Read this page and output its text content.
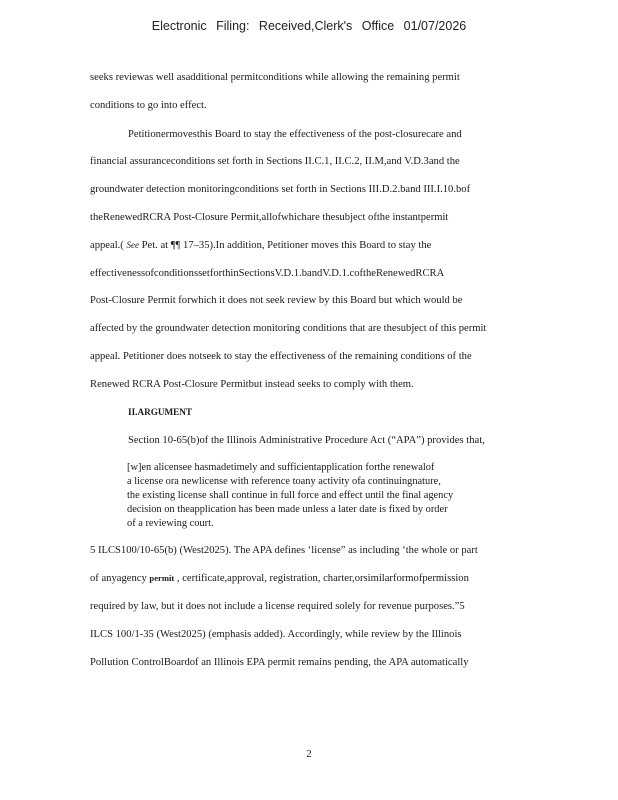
Electronic Filing: Received,Clerk's Office 01/07/2026
seeks reviewas well asadditional permitconditions while allowing the remaining permit
conditions to go into effect.
Petitionermovesthis Board to stay the effectiveness of the post-closurecare and
financial assuranceconditions set forth in Sections II.C.1, II.C.2, II.M,and V.D.3and the
groundwater detection monitoringconditions set forth in Sections III.D.2.band III.I.10.bof
theRenewedRCRA Post-Closure Permit,allofwhichare thesubject ofthe instantpermit
appeal.( See Pet. at ¶¶ 17–35).In addition, Petitioner moves this Board to stay the
effectivenessofconditionssetforthinSectionsV.D.1.bandV.D.1.coftheRenewedRCRA
Post-Closure Permit forwhich it does not seek review by this Board but which would be
affected by the groundwater detection monitoring conditions that are thesubject of this permit
appeal. Petitioner does notseek to stay the effectiveness of the remaining conditions of the
Renewed RCRA Post-Closure Permitbut instead seeks to comply with them.
II.ARGUMENT
Section 10-65(b)of the Illinois Administrative Procedure Act (“APA”) provides that,
[w]en alicensee hasmadetimely and sufficientapplication forthe renewalof
a license ora newlicense with reference toany activity ofa continuingnature,
the existing license shall continue in full force and effect until the final agency
decision on theapplication has been made unless a later date is fixed by order
of a reviewing court.
5 ILCS100/10-65(b) (West2025). The APA defines ‘license” as including ‘the whole or part
of anyagency permit , certificate,approval, registration, charter,orsimilarformofpermission
required by law, but it does not include a license required solely for revenue purposes.”5
ILCS 100/1-35 (West2025) (emphasis added). Accordingly, while review by the Illinois
Pollution ControlBoardof an Illinois EPA permit remains pending, the APA automatically
2
